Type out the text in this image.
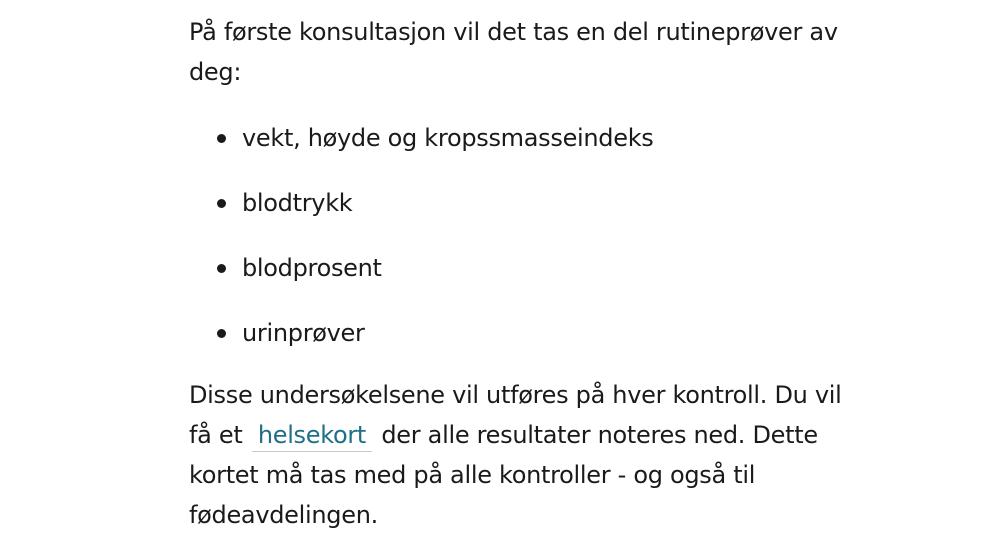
På første konsultasjon vil det tas en del rutineprøver av deg:

vekt, høyde og kropssmasseindeks
blodtrykk
blodprosent
urinprøver

Disse undersøkelsene vil utføres på hver kontroll. Du vil få et helsekort der alle resultater noteres ned. Dette kortet må tas med på alle kontroller - og også til fødeavdelingen.
